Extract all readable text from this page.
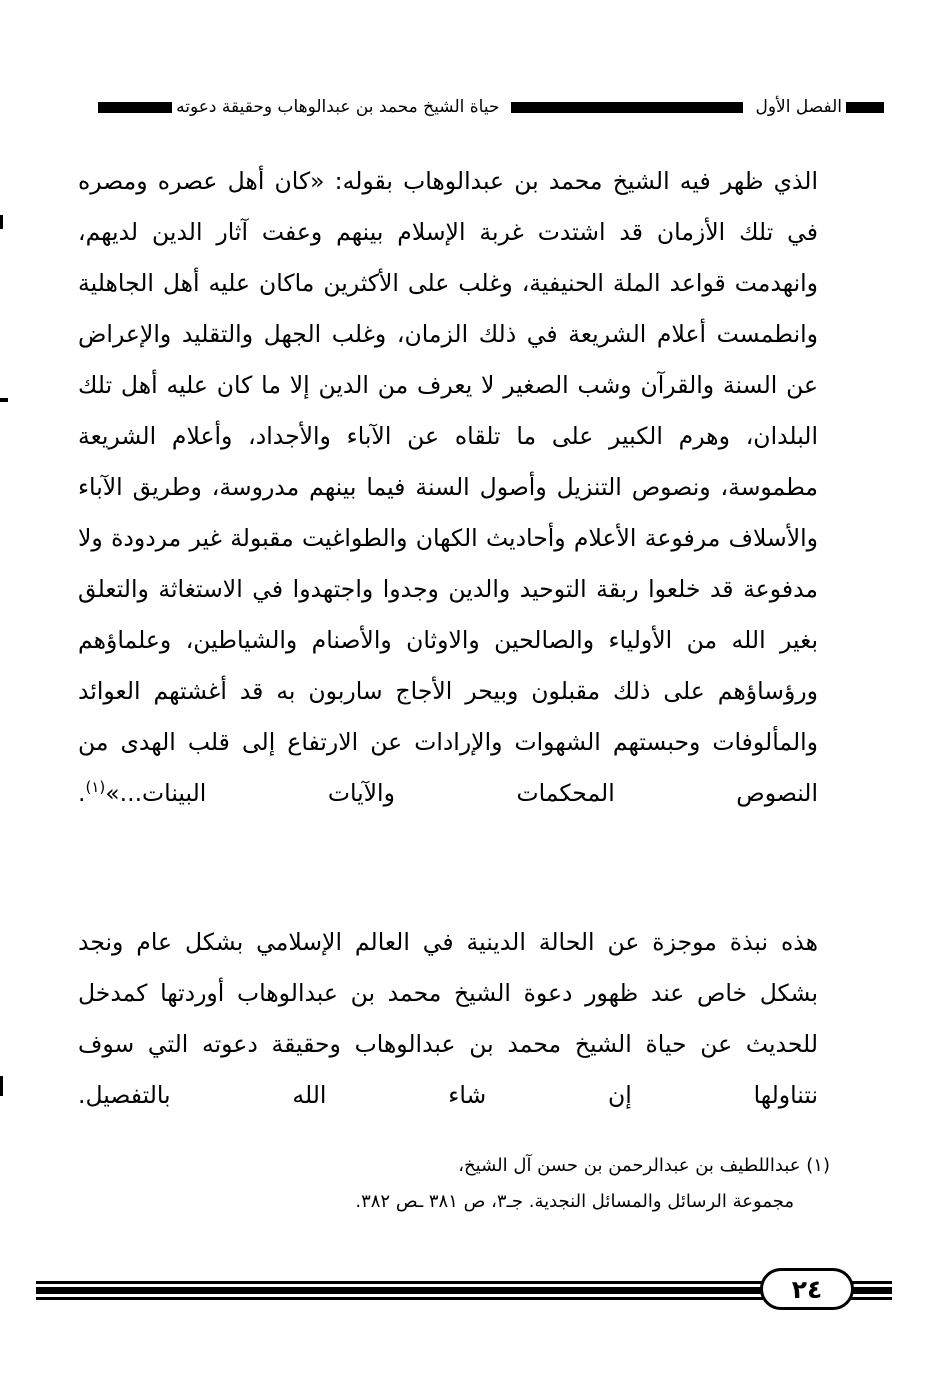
الفصل الأول
حياة الشيخ محمد بن عبدالوهاب وحقيقة دعوته

الذي ظهر فيه الشيخ محمد بن عبدالوهاب بقوله: «كان أهل عصره ومصره في تلك الأزمان قد اشتدت غربة الإسلام بينهم وعفت آثار الدين لديهم، وانهدمت قواعد الملة الحنيفية، وغلب على الأكثرين ماكان عليه أهل الجاهلية وانطمست أعلام الشريعة في ذلك الزمان، وغلب الجهل والتقليد والإعراض عن السنة والقرآن وشب الصغير لا يعرف من الدين إلا ما كان عليه أهل تلك البلدان، وهرم الكبير على ما تلقاه عن الآباء والأجداد، وأعلام الشريعة مطموسة، ونصوص التنزيل وأصول السنة فيما بينهم مدروسة، وطريق الآباء والأسلاف مرفوعة الأعلام وأحاديث الكهان والطواغيت مقبولة غير مردودة ولا مدفوعة قد خلعوا ربقة التوحيد والدين وجدوا واجتهدوا في الاستغاثة والتعلق بغير الله من الأولياء والصالحين والاوثان والأصنام والشياطين، وعلماؤهم ورؤساؤهم على ذلك مقبلون وبيحر الأجاج ساربون به قد أغشتهم العوائد والمألوفات وحبستهم الشهوات والإرادات عن الارتفاع إلى قلب الهدى من النصوص المحكمات والآيات البينات...»$^{(١)}$.

هذه نبذة موجزة عن الحالة الدينية في العالم الإسلامي بشكل عام ونجد بشكل خاص عند ظهور دعوة الشيخ محمد بن عبدالوهاب أوردتها كمدخل للحديث عن حياة الشيخ محمد بن عبدالوهاب وحقيقة دعوته التي سوف نتناولها إن شاء الله بالتفصيل.

(١) عبداللطيف بن عبدالرحمن بن حسن آل الشيخ،
مجموعة الرسائل والمسائل النجدية. جـ٣، ص ٣٨١ ـص ٣٨٢.
٢٤
